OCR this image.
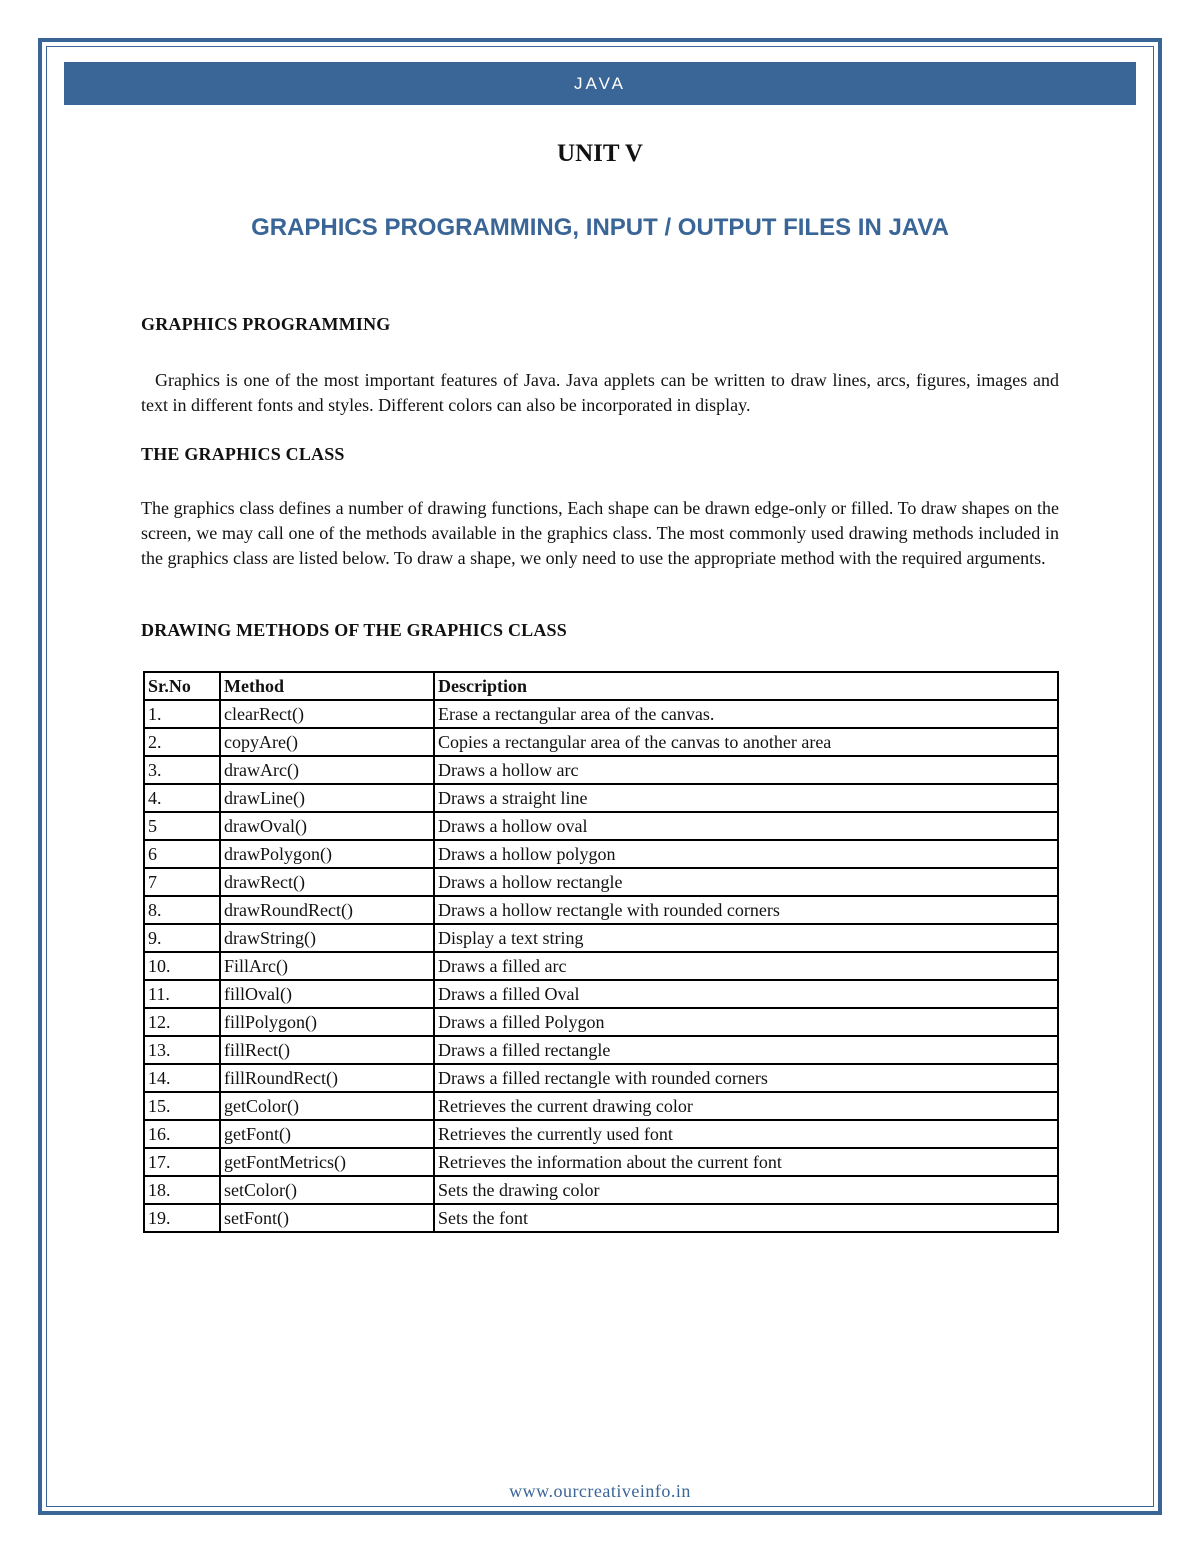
JAVA
UNIT V
GRAPHICS PROGRAMMING, INPUT / OUTPUT FILES IN JAVA
GRAPHICS PROGRAMMING
Graphics is one of the most important features of Java. Java applets can be written to draw lines, arcs, figures, images and text in different fonts and styles. Different colors can also be incorporated in display.
THE GRAPHICS CLASS
The graphics class defines a number of drawing functions, Each shape can be drawn edge-only or filled. To draw shapes on the screen, we may call one of the methods available in the graphics class. The most commonly used drawing methods included in the graphics class are listed below. To draw a shape, we only need to use the appropriate method with the required arguments.
DRAWING METHODS OF THE GRAPHICS CLASS
Sr.No	Method	Description
1.	clearRect()	Erase a rectangular area of the canvas.
2.	copyAre()	Copies a rectangular area of the canvas to another area
3.	drawArc()	Draws a hollow arc
4.	drawLine()	Draws a straight line
5	drawOval()	Draws a hollow oval
6	drawPolygon()	Draws a hollow polygon
7	drawRect()	Draws a hollow rectangle
8.	drawRoundRect()	Draws a hollow rectangle with rounded corners
9.	drawString()	Display a text string
10.	FillArc()	Draws a filled arc
11.	fillOval()	Draws a filled Oval
12.	fillPolygon()	Draws a filled Polygon
13.	fillRect()	Draws a filled rectangle
14.	fillRoundRect()	Draws a filled rectangle with rounded corners
15.	getColor()	Retrieves the current drawing color
16.	getFont()	Retrieves the currently used font
17.	getFontMetrics()	Retrieves the information about the current font
18.	setColor()	Sets the drawing color
19.	setFont()	Sets the font
www.ourcreativeinfo.in
